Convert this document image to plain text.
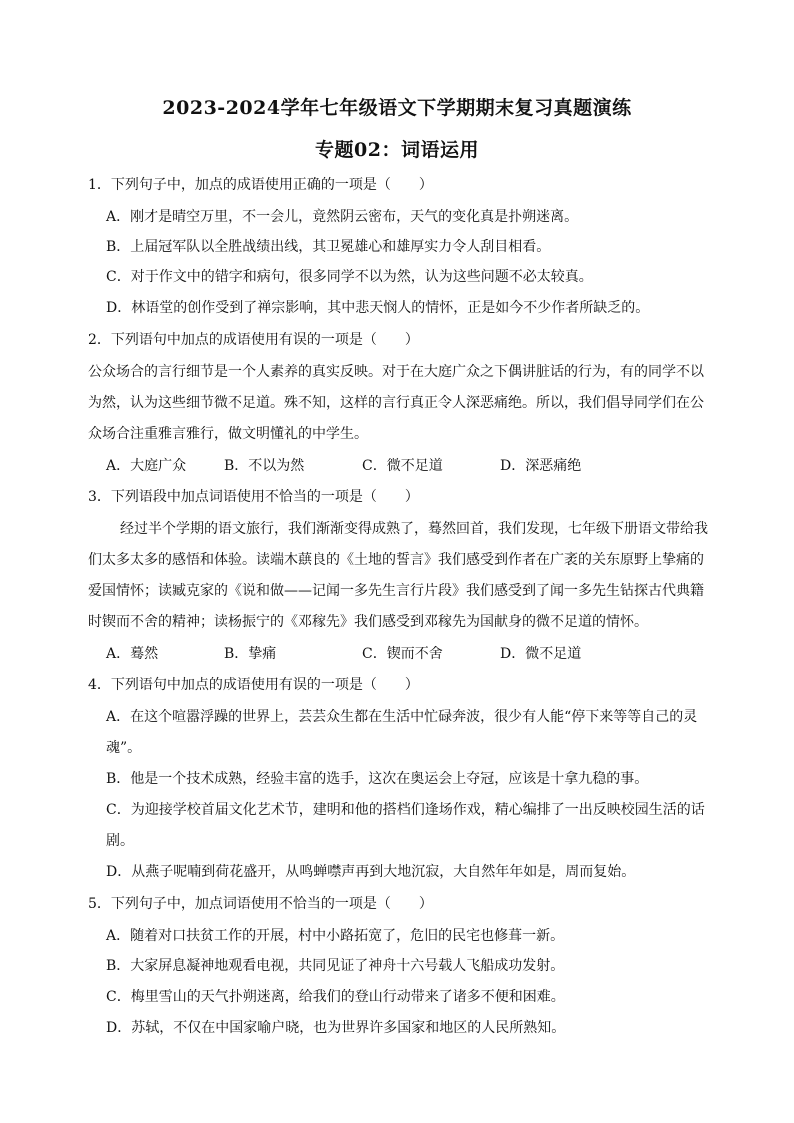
2023-2024学年七年级语文下学期期末复习真题演练
专题02：词语运用
1．下列句子中，加点的成语使用正确的一项是（　　）
A．刚才是晴空万里，不一会儿，竟然阴云密布，天气的变化真是扑朔迷离。
B．上届冠军队以全胜战绩出线，其卫冕雄心和雄厚实力令人刮目相看。
C．对于作文中的错字和病句，很多同学不以为然，认为这些问题不必太较真。
D．林语堂的创作受到了禅宗影响，其中悲天悯人的情怀，正是如今不少作者所缺乏的。
2．下列语句中加点的成语使用有误的一项是（　　）
公众场合的言行细节是一个人素养的真实反映。对于在大庭广众之下偶讲脏话的行为，有的同学不以
为然，认为这些细节微不足道。殊不知，这样的言行真正令人深恶痛绝。所以，我们倡导同学们在公
众场合注重雅言雅行，做文明懂礼的中学生。
A．大庭广众	B．不以为然	C．微不足道	D．深恶痛绝
3．下列语段中加点词语使用不恰当的一项是（　　）
经过半个学期的语文旅行，我们渐渐变得成熟了，蓦然回首，我们发现，七年级下册语文带给我
们太多太多的感悟和体验。读端木蕻良的《土地的誓言》我们感受到作者在广袤的关东原野上挚痛的
爱国情怀；读臧克家的《说和做——记闻一多先生言行片段》我们感受到了闻一多先生钻探古代典籍
时锲而不舍的精神；读杨振宁的《邓稼先》我们感受到邓稼先为国献身的微不足道的情怀。
A．蓦然	B．挚痛	C．锲而不舍	D．微不足道
4．下列语句中加点的成语使用有误的一项是（　　）
A．在这个喧嚣浮躁的世界上，芸芸众生都在生活中忙碌奔波，很少有人能“停下来等等自己的灵
魂”。
B．他是一个技术成熟，经验丰富的选手，这次在奥运会上夺冠，应该是十拿九稳的事。
C．为迎接学校首届文化艺术节，建明和他的搭档们逢场作戏，精心编排了一出反映校园生活的话
剧。
D．从燕子呢喃到荷花盛开，从鸣蝉噤声再到大地沉寂，大自然年年如是，周而复始。
5．下列句子中，加点词语使用不恰当的一项是（　　）
A．随着对口扶贫工作的开展，村中小路拓宽了，危旧的民宅也修葺一新。
B．大家屏息凝神地观看电视，共同见证了神舟十六号载人飞船成功发射。
C．梅里雪山的天气扑朔迷离，给我们的登山行动带来了诸多不便和困难。
D．苏轼，不仅在中国家喻户晓，也为世界许多国家和地区的人民所熟知。
